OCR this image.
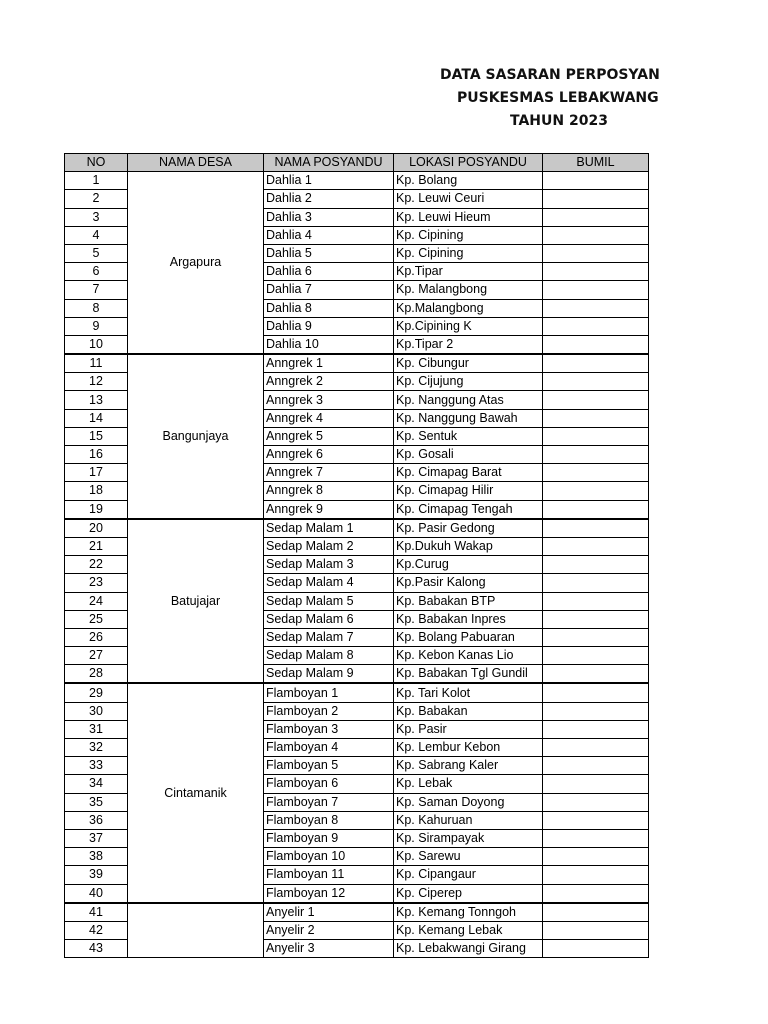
DATA SASARAN PERPOSYAN
PUSKESMAS LEBAKWANG
TAHUN 2023
NO	NAMA DESA	NAMA POSYANDU	LOKASI POSYANDU	BUMIL
1	Argapura	Dahlia 1	Kp. Bolang	
2		Dahlia 2	Kp. Leuwi Ceuri	
3		Dahlia 3	Kp. Leuwi Hieum	
4		Dahlia 4	Kp. Cipining	
5		Dahlia 5	Kp. Cipining	
6		Dahlia 6	Kp.Tipar	
7		Dahlia 7	Kp. Malangbong	
8		Dahlia 8	Kp.Malangbong	
9		Dahlia 9	Kp.Cipining K	
10		Dahlia 10	Kp.Tipar 2	
11	Bangunjaya	Anngrek 1	Kp. Cibungur	
12		Anngrek 2	Kp. Cijujung	
13		Anngrek 3	Kp. Nanggung Atas	
14		Anngrek 4	Kp. Nanggung Bawah	
15		Anngrek 5	Kp. Sentuk	
16		Anngrek 6	Kp. Gosali	
17		Anngrek 7	Kp. Cimapag Barat	
18		Anngrek 8	Kp. Cimapag Hilir	
19		Anngrek 9	Kp. Cimapag Tengah	
20	Batujajar	Sedap Malam 1	Kp. Pasir Gedong	
21		Sedap Malam 2	Kp.Dukuh Wakap	
22		Sedap Malam 3	Kp.Curug	
23		Sedap Malam 4	Kp.Pasir Kalong	
24		Sedap Malam 5	Kp. Babakan BTP	
25		Sedap Malam 6	Kp. Babakan Inpres	
26		Sedap Malam 7	Kp. Bolang Pabuaran	
27		Sedap Malam 8	Kp. Kebon Kanas Lio	
28		Sedap Malam 9	Kp. Babakan Tgl Gundil	
29	Cintamanik	Flamboyan 1	Kp. Tari Kolot	
30		Flamboyan 2	Kp. Babakan	
31		Flamboyan 3	Kp. Pasir	
32		Flamboyan 4	Kp. Lembur Kebon	
33		Flamboyan 5	Kp. Sabrang Kaler	
34		Flamboyan 6	Kp. Lebak	
35		Flamboyan 7	Kp. Saman Doyong	
36		Flamboyan 8	Kp. Kahuruan	
37		Flamboyan 9	Kp. Sirampayak	
38		Flamboyan 10	Kp. Sarewu	
39		Flamboyan 11	Kp. Cipangaur	
40		Flamboyan 12	Kp. Ciperep	
41		Anyelir 1	Kp. Kemang Tonngoh	
42		Anyelir 2	Kp. Kemang Lebak	
43		Anyelir 3	Kp. Lebakwangi Girang	
